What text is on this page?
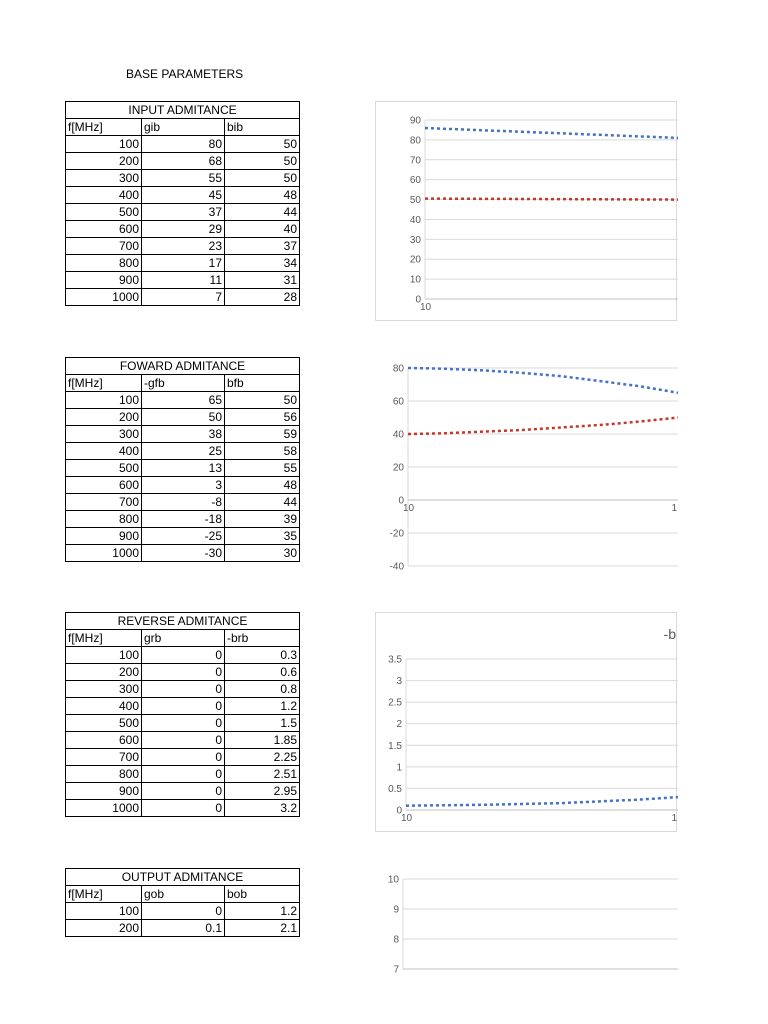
BASE PARAMETERS
INPUT ADMITANCE		
f[MHz]	gib	bib
100	80	50
200	68	50
300	55	50
400	45	48
500	37	44
600	29	40
700	23	37
800	17	34
900	11	31
1000	7	28
FOWARD ADMITANCE		
f[MHz]	-gfb	bfb
100	65	50
200	50	56
300	38	59
400	25	58
500	13	55
600	3	48
700	-8	44
800	-18	39
900	-25	35
1000	-30	30
REVERSE ADMITANCE		
f[MHz]	grb	-brb
100	0	0.3
200	0	0.6
300	0	0.8
400	0	1.2
500	0	1.5
600	0	1.85
700	0	2.25
800	0	2.51
900	0	2.95
1000	0	3.2
OUTPUT ADMITANCE		
f[MHz]	gob	bob
100	0	1.2
200	0.1	2.1
0
10
20
30
40
50
60
70
80
90
10
-40
-20
0
20
40
60
80
10	1
-b
0
0.5
1
1.5
2
2.5
3
3.5
10	1
7
8
9
10
